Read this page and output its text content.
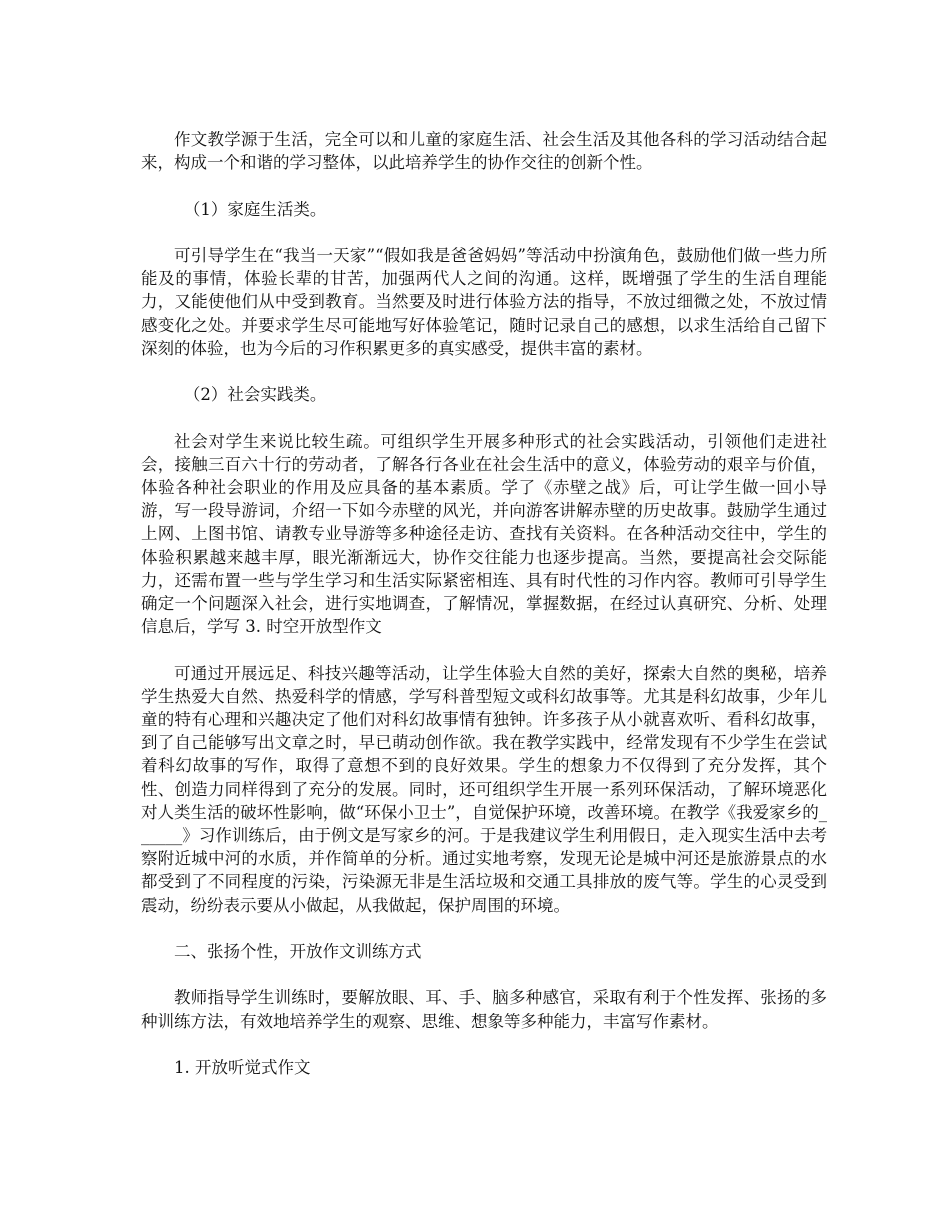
作文教学源于生活，完全可以和儿童的家庭生活、社会生活及其他各科的学习活动结合起来，构成一个和谐的学习整体，以此培养学生的协作交往的创新个性。

（1）家庭生活类。

可引导学生在“我当一天家”“假如我是爸爸妈妈”等活动中扮演角色，鼓励他们做一些力所能及的事情，体验长辈的甘苦，加强两代人之间的沟通。这样，既增强了学生的生活自理能力，又能使他们从中受到教育。当然要及时进行体验方法的指导，不放过细微之处，不放过情感变化之处。并要求学生尽可能地写好体验笔记，随时记录自己的感想，以求生活给自己留下深刻的体验，也为今后的习作积累更多的真实感受，提供丰富的素材。

（2）社会实践类。

社会对学生来说比较生疏。可组织学生开展多种形式的社会实践活动，引领他们走进社会，接触三百六十行的劳动者，了解各行各业在社会生活中的意义，体验劳动的艰辛与价值，体验各种社会职业的作用及应具备的基本素质。学了《赤壁之战》后，可让学生做一回小导游，写一段导游词，介绍一下如今赤壁的风光，并向游客讲解赤壁的历史故事。鼓励学生通过上网、上图书馆、请教专业导游等多种途径走访、查找有关资料。在各种活动交往中，学生的体验积累越来越丰厚，眼光渐渐远大，协作交往能力也逐步提高。当然，要提高社会交际能力，还需布置一些与学生学习和生活实际紧密相连、具有时代性的习作内容。教师可引导学生确定一个问题深入社会，进行实地调查，了解情况，掌握数据，在经过认真研究、分析、处理信息后，学写 3. 时空开放型作文

可通过开展远足、科技兴趣等活动，让学生体验大自然的美好，探索大自然的奥秘，培养学生热爱大自然、热爱科学的情感，学写科普型短文或科幻故事等。尤其是科幻故事，少年儿童的特有心理和兴趣决定了他们对科幻故事情有独钟。许多孩子从小就喜欢听、看科幻故事，到了自己能够写出文章之时，早已萌动创作欲。我在教学实践中，经常发现有不少学生在尝试着科幻故事的写作，取得了意想不到的良好效果。学生的想象力不仅得到了充分发挥，其个性、创造力同样得到了充分的发展。同时，还可组织学生开展一系列环保活动，了解环境恶化对人类生活的破坏性影响，做“环保小卫士”，自觉保护环境，改善环境。在教学《我爱家乡的______》习作训练后，由于例文是写家乡的河。于是我建议学生利用假日，走入现实生活中去考察附近城中河的水质，并作简单的分析。通过实地考察，发现无论是城中河还是旅游景点的水都受到了不同程度的污染，污染源无非是生活垃圾和交通工具排放的废气等。学生的心灵受到震动，纷纷表示要从小做起，从我做起，保护周围的环境。

二、张扬个性，开放作文训练方式

教师指导学生训练时，要解放眼、耳、手、脑多种感官，采取有利于个性发挥、张扬的多种训练方法，有效地培养学生的观察、思维、想象等多种能力，丰富写作素材。

1. 开放听觉式作文
